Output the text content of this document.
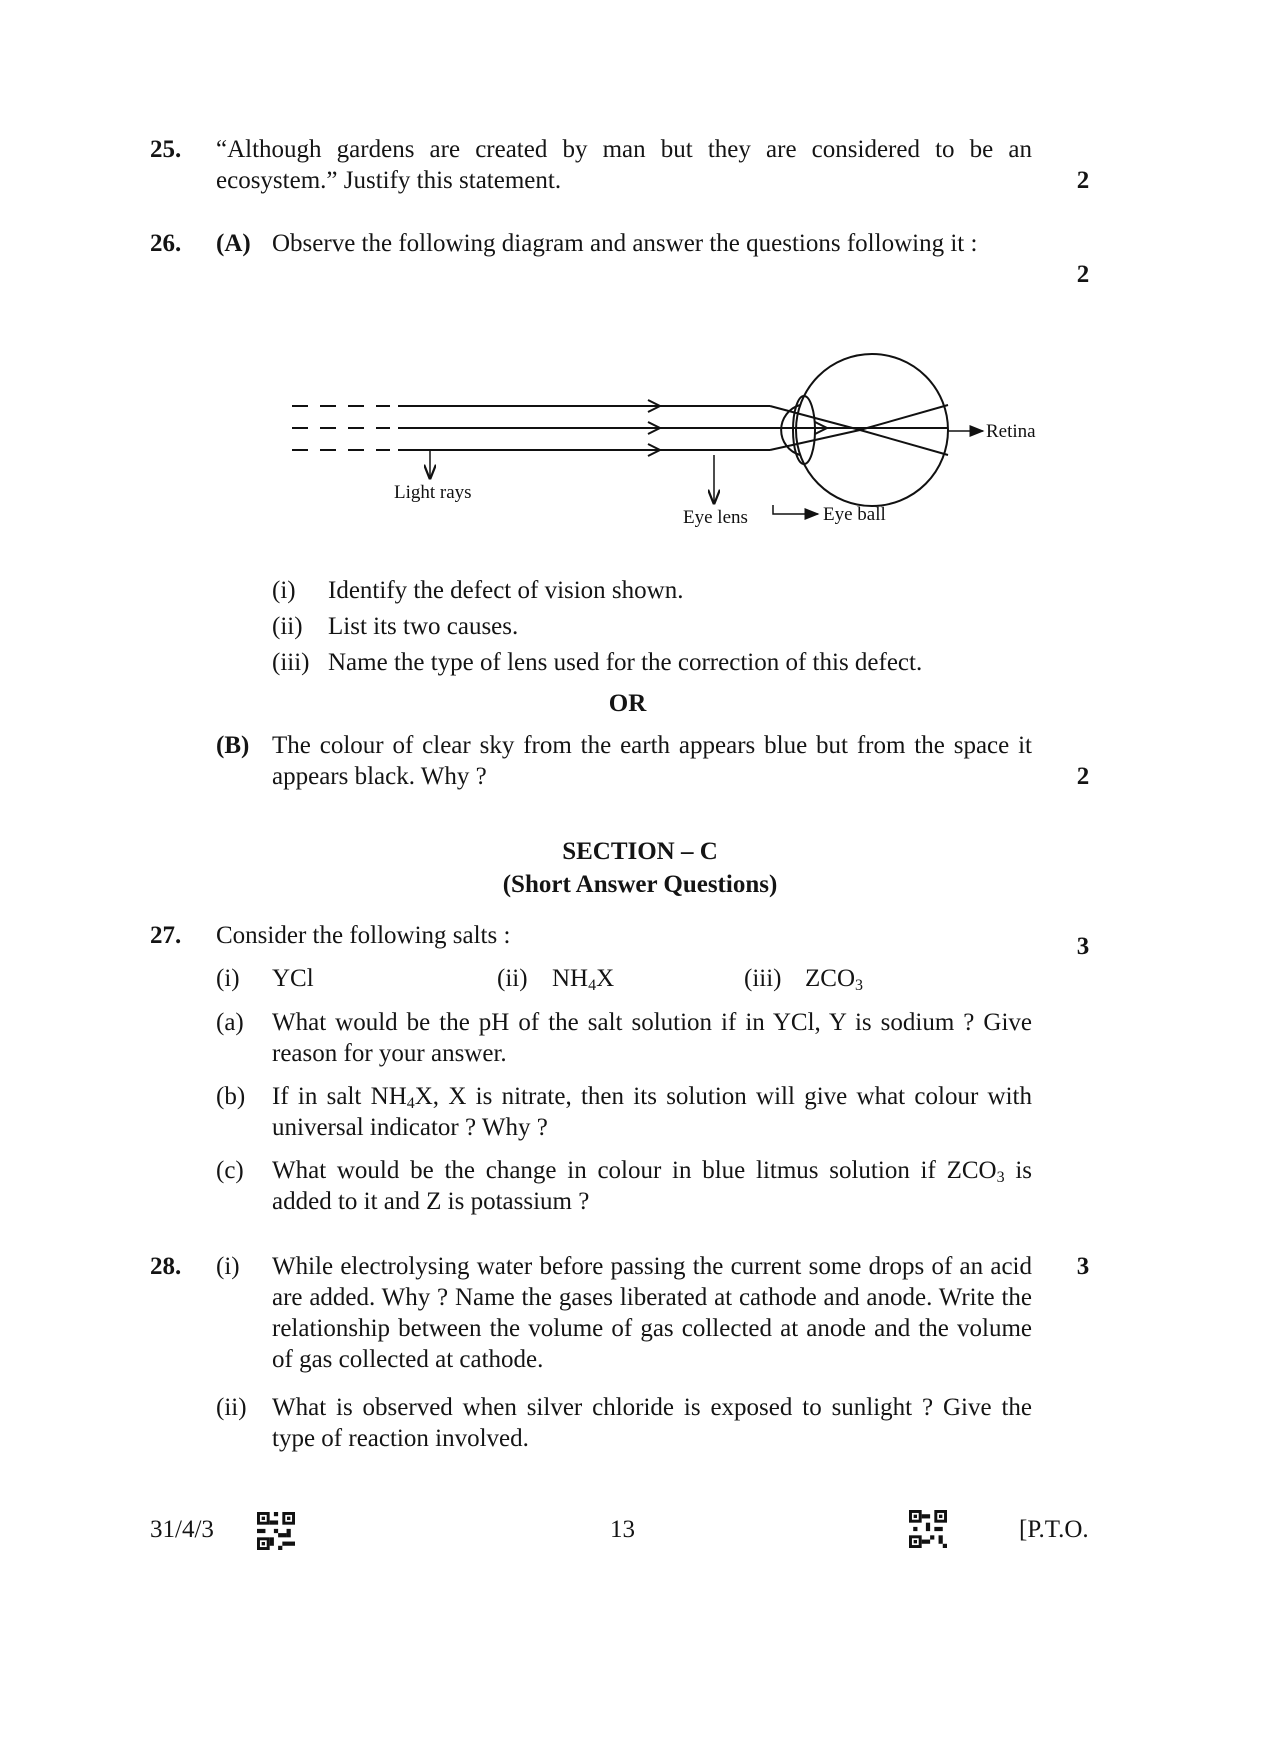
25. “Although gardens are created by man but they are considered to be an ecosystem.” Justify this statement.	2
26. (A) Observe the following diagram and answer the questions following it :
2
Light rays
Eye lens	Eye ball
Retina
(i) Identify the defect of vision shown.
(ii) List its two causes.
(iii) Name the type of lens used for the correction of this defect.
OR
(B) The colour of clear sky from the earth appears blue but from the space it appears black. Why ?	2
SECTION – C
(Short Answer Questions)
27. Consider the following salts :	3
(i) YCl	(ii) $NH_4X$	(iii) $ZCO_3$
(a) What would be the pH of the salt solution if in YCl, Y is sodium ? Give reason for your answer.
(b) If in salt $NH_4X$, X is nitrate, then its solution will give what colour with universal indicator ? Why ?
(c) What would be the change in colour in blue litmus solution if $ZCO_3$ is added to it and Z is potassium ?
28. (i) While electrolysing water before passing the current some drops of an acid are added. Why ? Name the gases liberated at cathode and anode. Write the relationship between the volume of gas collected at anode and the volume of gas collected at cathode.
3
(ii) What is observed when silver chloride is exposed to sunlight ? Give the type of reaction involved.
31/4/3	13	[P.T.O.
